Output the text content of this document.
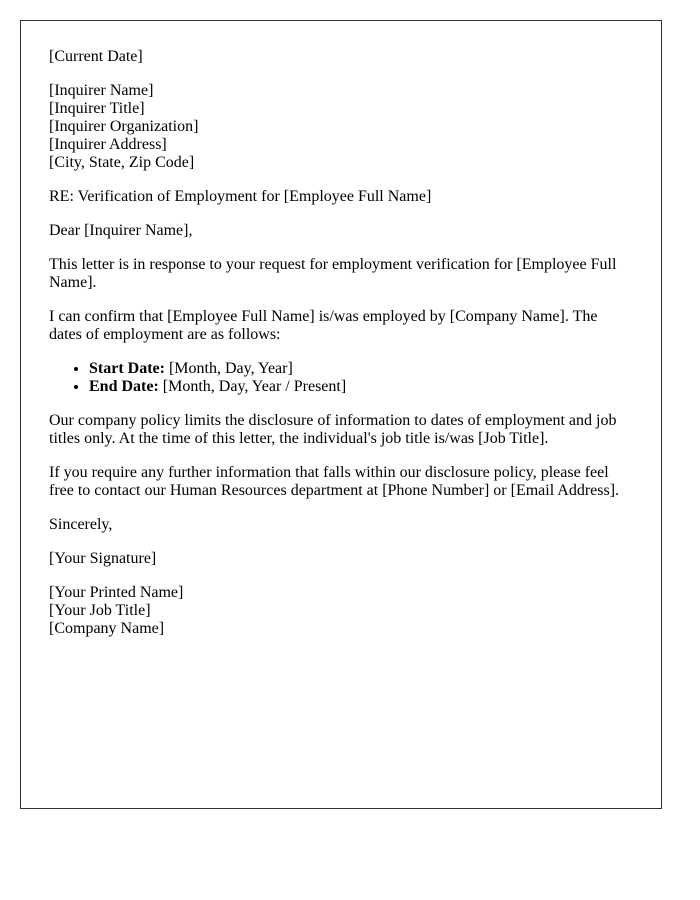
[Current Date]

[Inquirer Name]
[Inquirer Title]
[Inquirer Organization]
[Inquirer Address]
[City, State, Zip Code]

RE: Verification of Employment for [Employee Full Name]

Dear [Inquirer Name],

This letter is in response to your request for employment verification for [Employee Full Name].

I can confirm that [Employee Full Name] is/was employed by [Company Name]. The dates of employment are as follows:

• Start Date: [Month, Day, Year]
• End Date: [Month, Day, Year / Present]

Our company policy limits the disclosure of information to dates of employment and job titles only. At the time of this letter, the individual's job title is/was [Job Title].

If you require any further information that falls within our disclosure policy, please feel free to contact our Human Resources department at [Phone Number] or [Email Address].

Sincerely,

[Your Signature]

[Your Printed Name]
[Your Job Title]
[Company Name]
